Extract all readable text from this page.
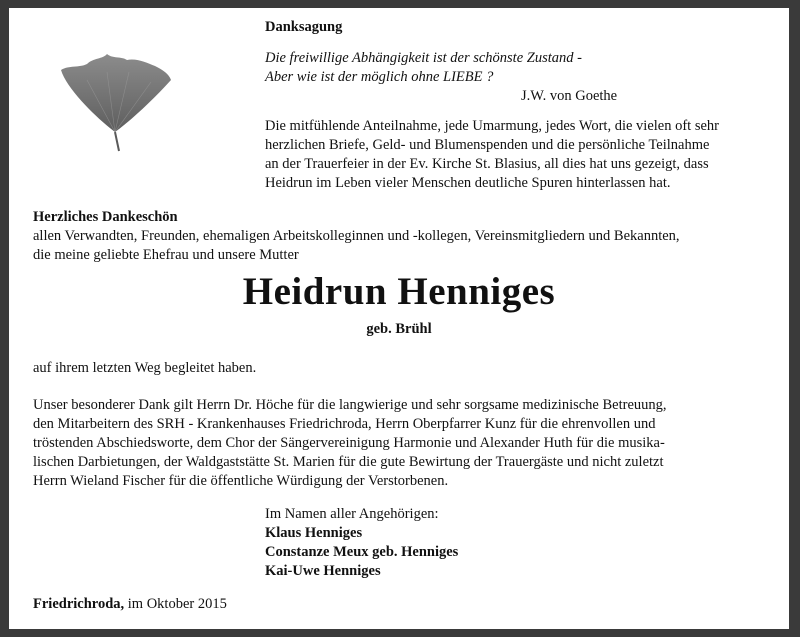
Danksagung

Die freiwillige Abhängigkeit ist der schönste Zustand -
Aber wie ist der möglich ohne LIEBE ?

J.W. von Goethe

Die mitfühlende Anteilnahme, jede Umarmung, jedes Wort, die vielen oft sehr
herzlichen Briefe, Geld- und Blumenspenden und die persönliche Teilnahme
an der Trauerfeier in der Ev. Kirche St. Blasius, all dies hat uns gezeigt, dass
Heidrun im Leben vieler Menschen deutliche Spuren hinterlassen hat.

Herzliches Dankeschön

allen Verwandten, Freunden, ehemaligen Arbeitskolleginnen und -kollegen, Vereinsmitgliedern und Bekannten,
die meine geliebte Ehefrau und unsere Mutter

Heidrun Henniges

geb. Brühl

auf ihrem letzten Weg begleitet haben.

Unser besonderer Dank gilt Herrn Dr. Höche für die langwierige und sehr sorgsame medizinische Betreuung,
den Mitarbeitern des SRH - Krankenhauses Friedrichroda, Herrn Oberpfarrer Kunz für die ehrenvollen und
tröstenden Abschiedsworte, dem Chor der Sängervereinigung Harmonie und Alexander Huth für die musika-
lischen Darbietungen, der Waldgaststätte St. Marien für die gute Bewirtung der Trauergäste und nicht zuletzt
Herrn Wieland Fischer für die öffentliche Würdigung der Verstorbenen.
Im Namen aller Angehörigen:
Klaus Henniges
Constanze Meux geb. Henniges
Kai-Uwe Henniges

Friedrichroda, im Oktober 2015
